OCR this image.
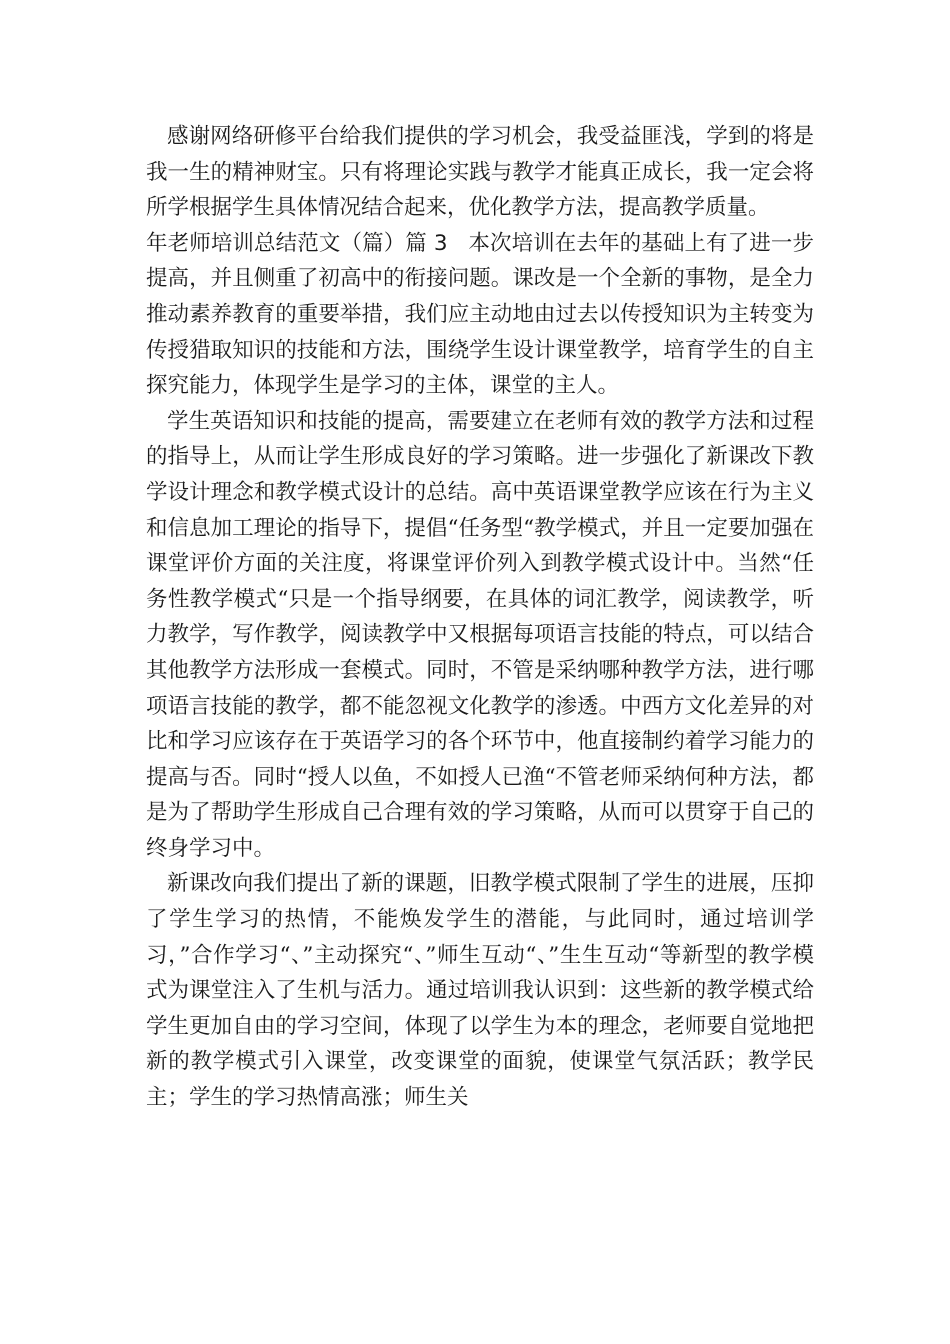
感谢网络研修平台给我们提供的学习机会，我受益匪浅，学到的将是我一生的精神财宝。只有将理论实践与教学才能真正成长，我一定会将所学根据学生具体情况结合起来，优化教学方法，提高教学质量。

年老师培训总结范文（篇）篇 3 本次培训在去年的基础上有了进一步提高，并且侧重了初高中的衔接问题。课改是一个全新的事物，是全力推动素养教育的重要举措，我们应主动地由过去以传授知识为主转变为传授猎取知识的技能和方法，围绕学生设计课堂教学，培育学生的自主探究能力，体现学生是学习的主体，课堂的主人。

学生英语知识和技能的提高，需要建立在老师有效的教学方法和过程的指导上，从而让学生形成良好的学习策略。进一步强化了新课改下教学设计理念和教学模式设计的总结。高中英语课堂教学应该在行为主义和信息加工理论的指导下，提倡“任务型“教学模式，并且一定要加强在课堂评价方面的关注度，将课堂评价列入到教学模式设计中。当然“任务性教学模式“只是一个指导纲要，在具体的词汇教学，阅读教学，听力教学，写作教学，阅读教学中又根据每项语言技能的特点，可以结合其他教学方法形成一套模式。同时，不管是采纳哪种教学方法，进行哪项语言技能的教学，都不能忽视文化教学的渗透。中西方文化差异的对比和学习应该存在于英语学习的各个环节中，他直接制约着学习能力的提高与否。同时“授人以鱼，不如授人已渔“不管老师采纳何种方法，都是为了帮助学生形成自己合理有效的学习策略，从而可以贯穿于自己的终身学习中。

新课改向我们提出了新的课题，旧教学模式限制了学生的进展，压抑了学生学习的热情，不能焕发学生的潜能，与此同时，通过培训学习，”合作学习“、”主动探究“、”师生互动“、”生生互动“等新型的教学模式为课堂注入了生机与活力。通过培训我认识到：这些新的教学模式给学生更加自由的学习空间，体现了以学生为本的理念，老师要自觉地把新的教学模式引入课堂，改变课堂的面貌，使课堂气氛活跃；教学民主；学生的学习热情高涨；师生关
